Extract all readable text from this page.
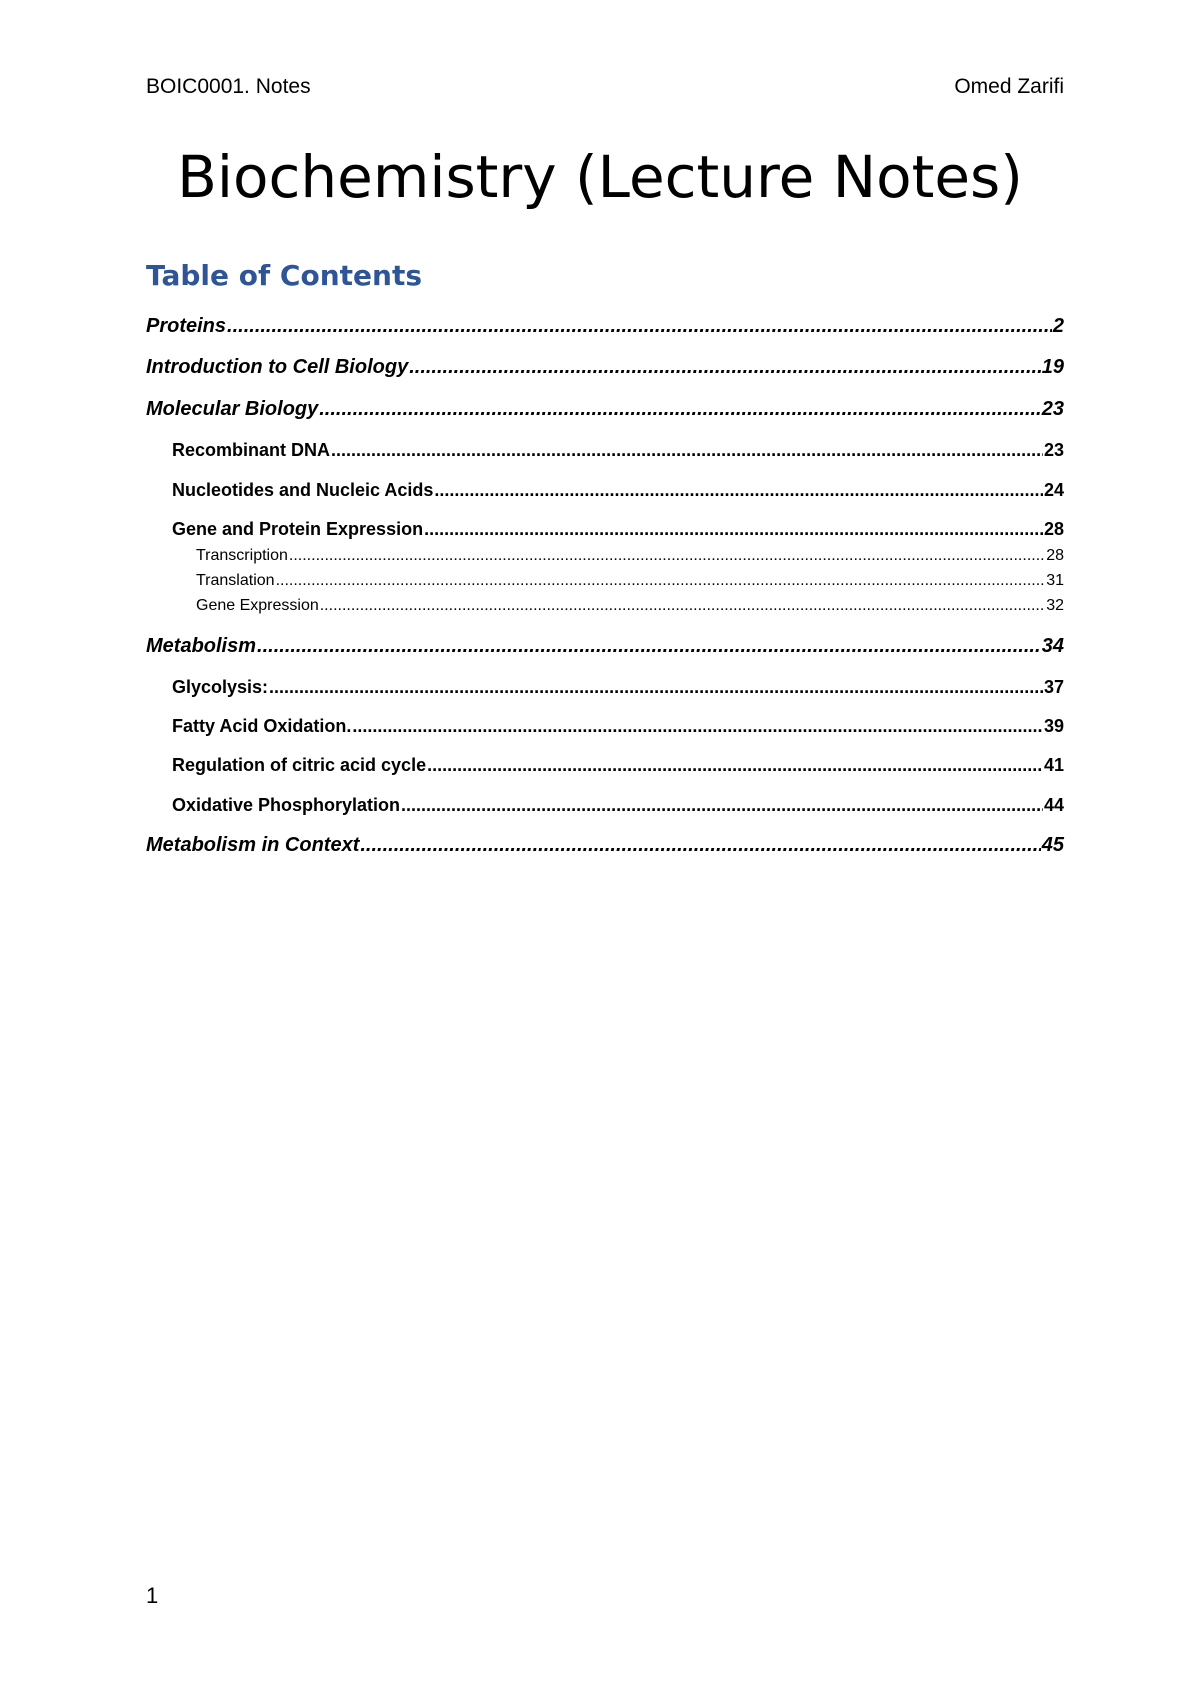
BOIC0001. Notes	Omed Zarifi
Biochemistry (Lecture Notes)
Table of Contents
Proteins .....	2
Introduction to Cell Biology .....	19
Molecular Biology .....	23
Recombinant DNA .....	23
Nucleotides and Nucleic Acids .....	24
Gene and Protein Expression .....	28
Transcription .....	28
Translation .....	31
Gene Expression .....	32
Metabolism .....	34
Glycolysis: .....	37
Fatty Acid Oxidation. .....	39
Regulation of citric acid cycle .....	41
Oxidative Phosphorylation .....	44
Metabolism in Context .....	45
1
